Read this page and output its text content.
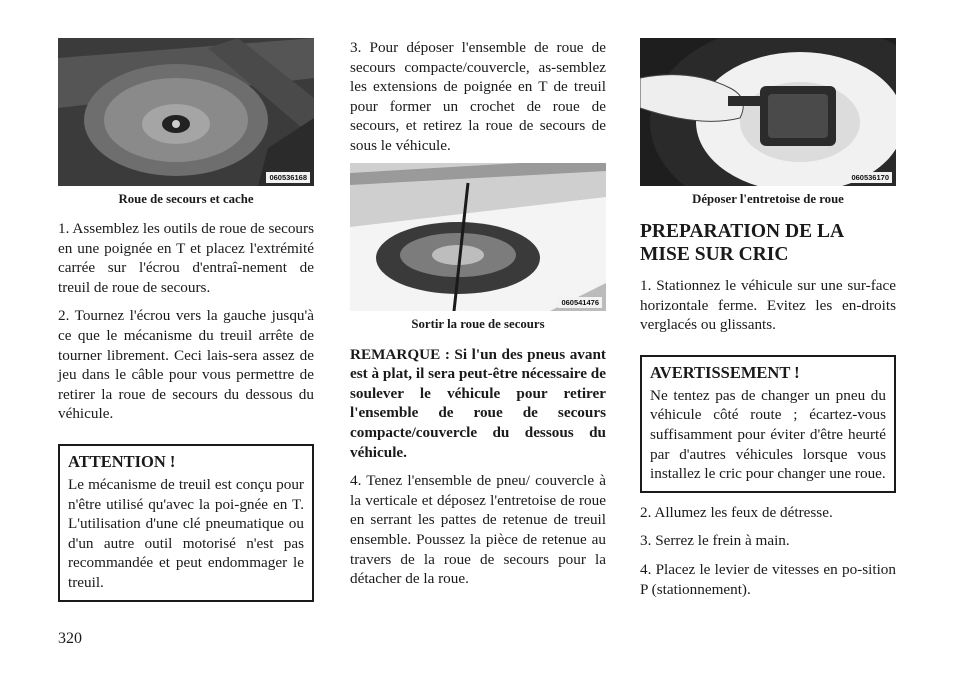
060536168
Roue de secours et cache

1. Assemblez les outils de roue de secours en une poignée en T et placez l'extrémité carrée sur l'écrou d'entraî-nement de treuil de roue de secours.

2. Tournez l'écrou vers la gauche jusqu'à ce que le mécanisme du treuil arrête de tourner librement. Ceci lais-sera assez de jeu dans le câble pour vous permettre de retirer la roue de secours du dessous du véhicule.

ATTENTION !

Le mécanisme de treuil est conçu pour n'être utilisé qu'avec la poi-gnée en T. L'utilisation d'une clé pneumatique ou d'un autre outil motorisé n'est pas recommandée et peut endommager le treuil.

3. Pour déposer l'ensemble de roue de secours compacte/couvercle, as-semblez les extensions de poignée en T de treuil pour former un crochet de roue de secours, et retirez la roue de secours de sous le véhicule.

060541476
Sortir la roue de secours

REMARQUE : Si l'un des pneus avant est à plat, il sera peut-être nécessaire de soulever le véhicule pour retirer l'ensemble de roue de secours compacte/couvercle du dessous du véhicule.

4. Tenez l'ensemble de pneu/ couvercle à la verticale et déposez l'entretoise de roue en serrant les pattes de retenue de treuil ensemble. Poussez la pièce de retenue au travers de la roue de secours pour la détacher de la roue.

060536170
Déposer l'entretoise de roue
PREPARATION DE LA
MISE SUR CRIC

1. Stationnez le véhicule sur une sur-face horizontale ferme. Evitez les en-droits verglacés ou glissants.

AVERTISSEMENT !

Ne tentez pas de changer un pneu du véhicule côté route ; écartez-vous suffisamment pour éviter d'être heurté par d'autres véhicules lorsque vous installez le cric pour changer une roue.

2. Allumez les feux de détresse.

3. Serrez le frein à main.

4. Placez le levier de vitesses en po-sition P (stationnement).

320
